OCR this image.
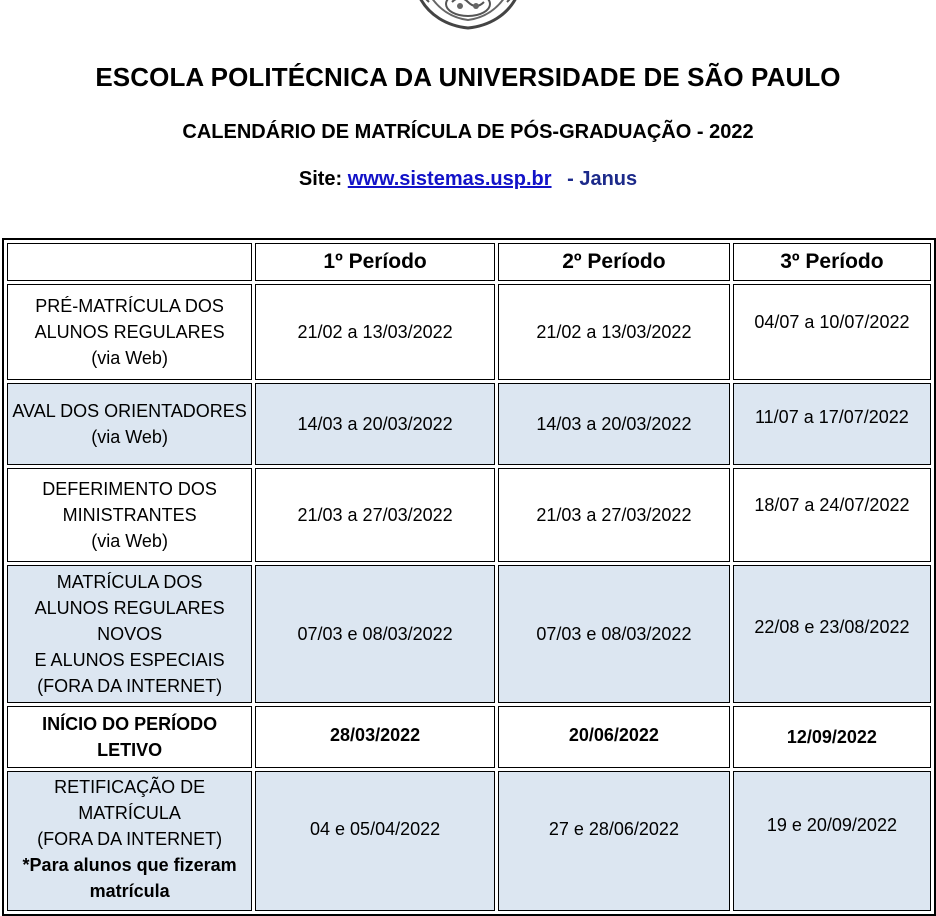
ESCOLA POLITÉCNICA DA UNIVERSIDADE DE SÃO PAULO
CALENDÁRIO DE MATRÍCULA DE PÓS-GRADUAÇÃO - 2022
Site: www.sistemas.usp.br - Janus
	1º Período	2º Período	3º Período

PRÉ-MATRÍCULA DOS
ALUNOS REGULARES
(via Web)	21/02 a 13/03/2022	21/02 a 13/03/2022	04/07 a 10/07/2022

AVAL DOS ORIENTADORES
(via Web)	14/03 a 20/03/2022	14/03 a 20/03/2022	11/07 a 17/07/2022

DEFERIMENTO DOS
MINISTRANTES
(via Web)	21/03 a 27/03/2022	21/03 a 27/03/2022	18/07 a 24/07/2022

MATRÍCULA DOS
ALUNOS REGULARES
NOVOS
E ALUNOS ESPECIAIS
(FORA DA INTERNET)	07/03 e 08/03/2022	07/03 e 08/03/2022	22/08 e 23/08/2022

INÍCIO DO PERÍODO
LETIVO	28/03/2022	20/06/2022	12/09/2022

RETIFICAÇÃO DE
MATRÍCULA
(FORA DA INTERNET)
*Para alunos que fizeram
matrícula	04 e 05/04/2022	27 e 28/06/2022	19 e 20/09/2022
